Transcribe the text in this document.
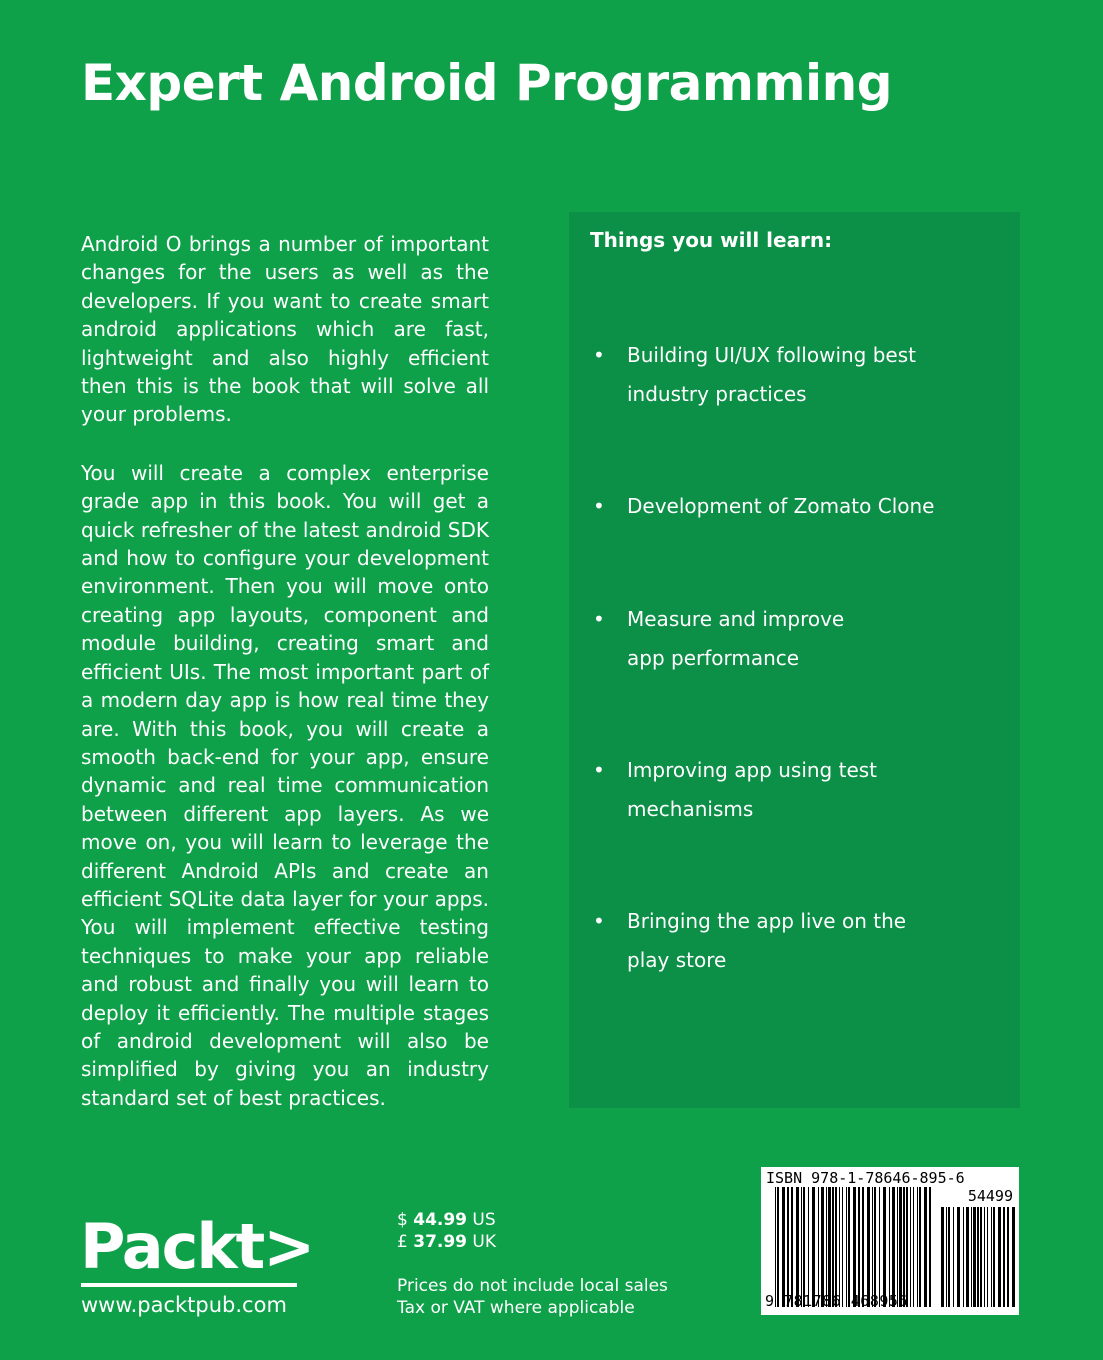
Expert Android Programming

Android O brings a number of important changes for the users as well as the developers. If you want to create smart android applications which are fast, lightweight and also highly efficient then this is the book that will solve all your problems.

You will create a complex enterprise grade app in this book. You will get a quick refresher of the latest android SDK and how to configure your development environment. Then you will move onto creating app layouts, component and module building, creating smart and efficient UIs. The most important part of a modern day app is how real time they are. With this book, you will create a smooth back-end for your app, ensure dynamic and real time communication between different app layers. As we move on, you will learn to leverage the different Android APIs and create an efficient SQLite data layer for your apps. You will implement effective testing techniques to make your app reliable and robust and finally you will learn to deploy it efficiently. The multiple stages of android development will also be simplified by giving you an industry standard set of best practices.

Things you will learn:
• Building UI/UX following best industry practices
• Development of Zomato Clone
• Measure and improve app performance
• Improving app using test mechanisms
• Bringing the app live on the play store
Packt>
www.packtpub.com
$ 44.99 US
£ 37.99 UK
Prices do not include local sales
Tax or VAT where applicable
ISBN 978-1-78646-895-6
54499
9 781786 468956
